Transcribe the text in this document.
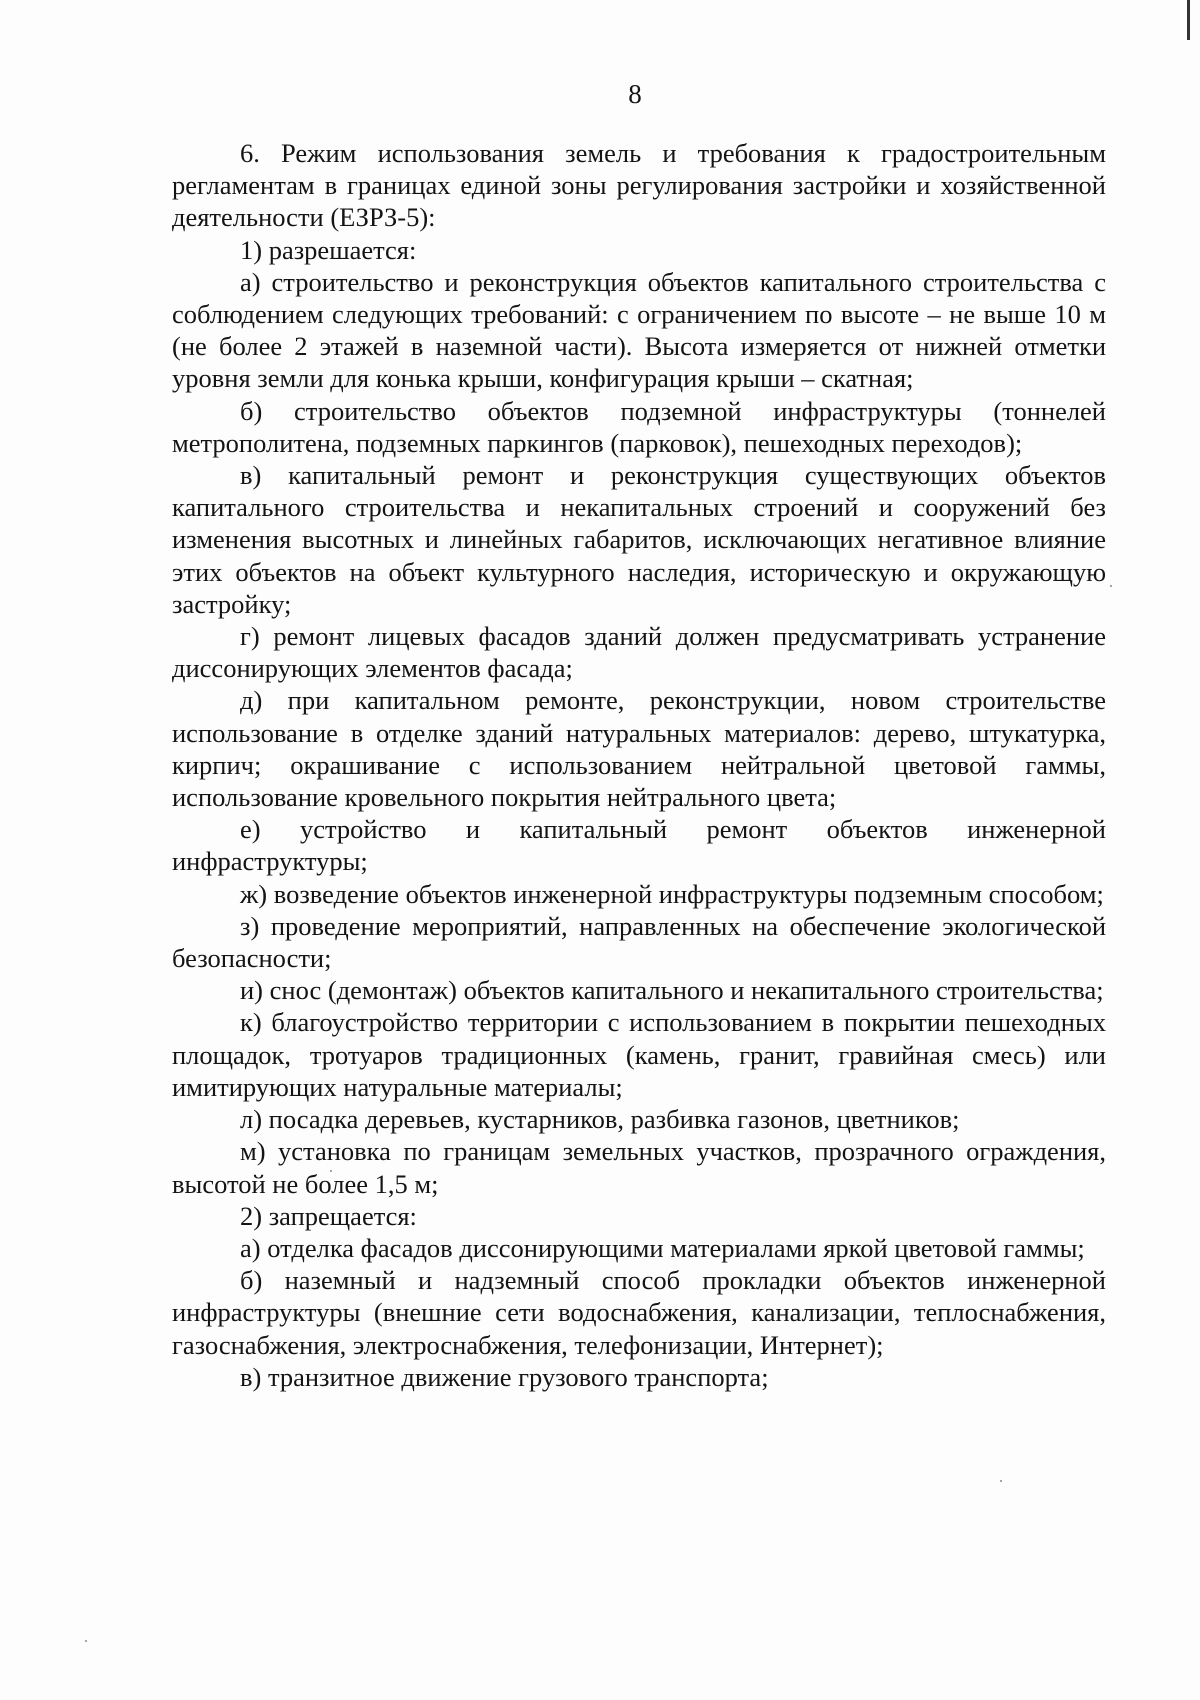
8

6. Режим использования земель и требования к градостроительным регламентам в границах единой зоны регулирования застройки и хозяйственной деятельности (ЕЗРЗ-5):

1) разрешается:

а) строительство и реконструкция объектов капитального строительства с соблюдением следующих требований: с ограничением по высоте – не выше 10 м (не более 2 этажей в наземной части). Высота измеряется от нижней отметки уровня земли для конька крыши, конфигурация крыши – скатная;

б) строительство объектов подземной инфраструктуры (тоннелей метрополитена, подземных паркингов (парковок), пешеходных переходов);

в) капитальный ремонт и реконструкция существующих объектов капитального строительства и некапитальных строений и сооружений без изменения высотных и линейных габаритов, исключающих негативное влияние этих объектов на объект культурного наследия, историческую и окружающую застройку;

г) ремонт лицевых фасадов зданий должен предусматривать устранение диссонирующих элементов фасада;

д) при капитальном ремонте, реконструкции, новом строительстве использование в отделке зданий натуральных материалов: дерево, штукатурка, кирпич; окрашивание с использованием нейтральной цветовой гаммы, использование кровельного покрытия нейтрального цвета;

е) устройство и капитальный ремонт объектов инженерной инфраструктуры;

ж) возведение объектов инженерной инфраструктуры подземным способом;

з) проведение мероприятий, направленных на обеспечение экологической безопасности;

и) снос (демонтаж) объектов капитального и некапитального строительства;

к) благоустройство территории с использованием в покрытии пешеходных площадок, тротуаров традиционных (камень, гранит, гравийная смесь) или имитирующих натуральные материалы;

л) посадка деревьев, кустарников, разбивка газонов, цветников;

м) установка по границам земельных участков, прозрачного ограждения, высотой не более 1,5 м;

2) запрещается:

а) отделка фасадов диссонирующими материалами яркой цветовой гаммы;

б) наземный и надземный способ прокладки объектов инженерной инфраструктуры (внешние сети водоснабжения, канализации, теплоснабжения, газоснабжения, электроснабжения, телефонизации, Интернет);

в) транзитное движение грузового транспорта;
